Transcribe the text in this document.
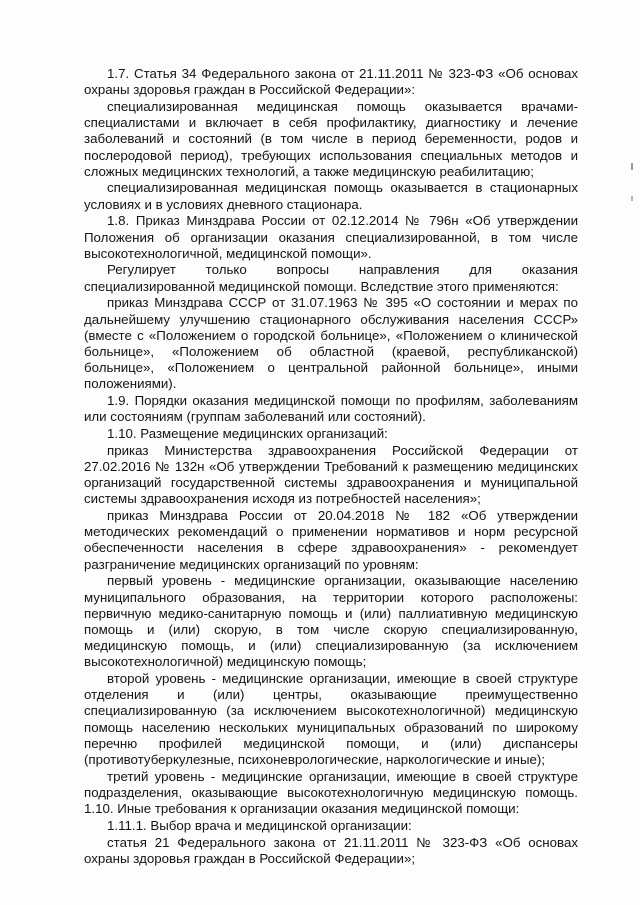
1.7. Статья 34 Федерального закона от 21.11.2011 № 323-ФЗ «Об основах охраны здоровья граждан в Российской Федерации»:

специализированная медицинская помощь оказывается врачами-специалистами и включает в себя профилактику, диагностику и лечение заболеваний и состояний (в том числе в период беременности, родов и послеродовой период), требующих использования специальных методов и сложных медицинских технологий, а также медицинскую реабилитацию;

специализированная медицинская помощь оказывается в стационарных условиях и в условиях дневного стационара.

1.8. Приказ Минздрава России от 02.12.2014 № 796н «Об утверждении Положения об организации оказания специализированной, в том числе высокотехнологичной, медицинской помощи».

Регулирует только вопросы направления для оказания специализированной медицинской помощи. Вследствие этого применяются:

приказ Минздрава СССР от 31.07.1963 № 395 «О состоянии и мерах по дальнейшему улучшению стационарного обслуживания населения СССР» (вместе с «Положением о городской больнице», «Положением о клинической больнице», «Положением об областной (краевой, республиканской) больнице», «Положением о центральной районной больнице», иными положениями).

1.9. Порядки оказания медицинской помощи по профилям, заболеваниям или состояниям (группам заболеваний или состояний).

1.10. Размещение медицинских организаций:

приказ Министерства здравоохранения Российской Федерации от 27.02.2016 № 132н «Об утверждении Требований к размещению медицинских организаций государственной системы здравоохранения и муниципальной системы здравоохранения исходя из потребностей населения»;

приказ Минздрава России от 20.04.2018 № 182 «Об утверждении методических рекомендаций о применении нормативов и норм ресурсной обеспеченности населения в сфере здравоохранения» - рекомендует разграничение медицинских организаций по уровням:

первый уровень - медицинские организации, оказывающие населению муниципального образования, на территории которого расположены: первичную медико-санитарную помощь и (или) паллиативную медицинскую помощь и (или) скорую, в том числе скорую специализированную, медицинскую помощь, и (или) специализированную (за исключением высокотехнологичной) медицинскую помощь;

второй уровень - медицинские организации, имеющие в своей структуре отделения и (или) центры, оказывающие преимущественно специализированную (за исключением высокотехнологичной) медицинскую помощь населению нескольких муниципальных образований по широкому перечню профилей медицинской помощи, и (или) диспансеры (противотуберкулезные, психоневрологические, наркологические и иные);

третий уровень - медицинские организации, имеющие в своей структуре подразделения, оказывающие высокотехнологичную медицинскую помощь. 1.10. Иные требования к организации оказания медицинской помощи:

1.11.1. Выбор врача и медицинской организации:

статья 21 Федерального закона от 21.11.2011 № 323-ФЗ «Об основах охраны здоровья граждан в Российской Федерации»;
